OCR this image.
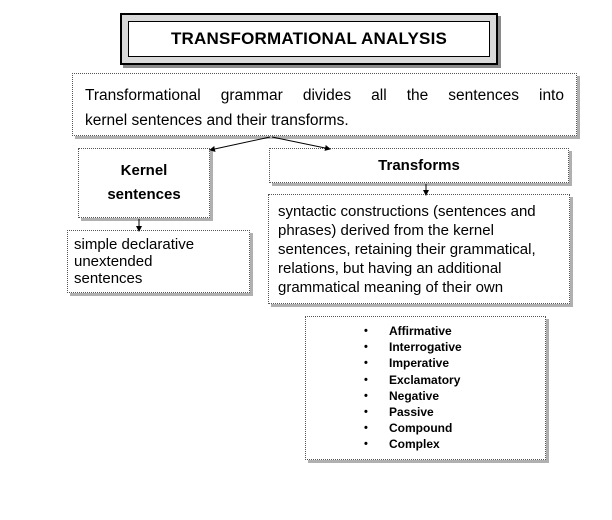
TRANSFORMATIONAL ANALYSIS
Transformational grammar divides all the sentences into
kernel sentences and their transforms.
Kernel
sentences
Transforms
simple declarative
unextended
sentences
syntactic constructions (sentences and
phrases) derived from the kernel
sentences, retaining their grammatical,
relations, but having an additional
grammatical meaning of their own
• Affirmative
• Interrogative
• Imperative
• Exclamatory
• Negative
• Passive
• Compound
• Complex
